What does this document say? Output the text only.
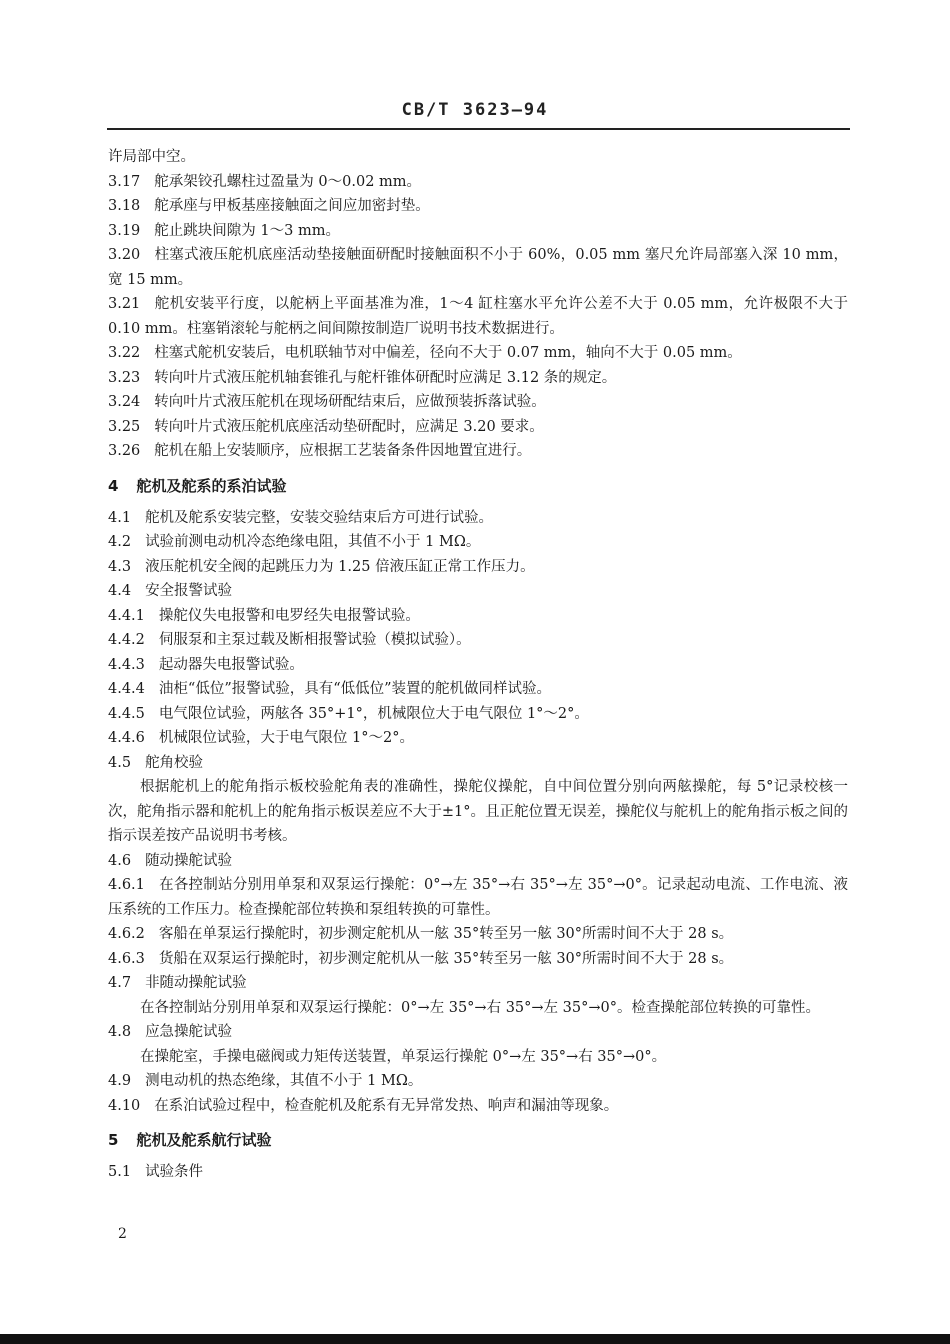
CB/T 3623—94
许局部中空。
3.17 舵承架铰孔螺柱过盈量为 0～0.02 mm。
3.18 舵承座与甲板基座接触面之间应加密封垫。
3.19 舵止跳块间隙为 1～3 mm。
3.20 柱塞式液压舵机底座活动垫接触面研配时接触面积不小于 60%，0.05 mm 塞尺允许局部塞入深 10 mm，宽 15 mm。
3.21 舵机安装平行度，以舵柄上平面基准为准，1～4 缸柱塞水平允许公差不大于 0.05 mm，允许极限不大于 0.10 mm。柱塞销滚轮与舵柄之间间隙按制造厂说明书技术数据进行。
3.22 柱塞式舵机安装后，电机联轴节对中偏差，径向不大于 0.07 mm，轴向不大于 0.05 mm。
3.23 转向叶片式液压舵机轴套锥孔与舵杆锥体研配时应满足 3.12 条的规定。
3.24 转向叶片式液压舵机在现场研配结束后，应做预装拆落试验。
3.25 转向叶片式液压舵机底座活动垫研配时，应满足 3.20 要求。
3.26 舵机在船上安装顺序，应根据工艺装备条件因地置宜进行。
4 舵机及舵系的系泊试验
4.1 舵机及舵系安装完整，安装交验结束后方可进行试验。
4.2 试验前测电动机冷态绝缘电阻，其值不小于 1 MΩ。
4.3 液压舵机安全阀的起跳压力为 1.25 倍液压缸正常工作压力。
4.4 安全报警试验
4.4.1 操舵仪失电报警和电罗经失电报警试验。
4.4.2 伺服泵和主泵过载及断相报警试验（模拟试验）。
4.4.3 起动器失电报警试验。
4.4.4 油柜“低位”报警试验，具有“低低位”装置的舵机做同样试验。
4.4.5 电气限位试验，两舷各 35°+1°，机械限位大于电气限位 1°～2°。
4.4.6 机械限位试验，大于电气限位 1°～2°。
4.5 舵角校验
根据舵机上的舵角指示板校验舵角表的准确性，操舵仪操舵，自中间位置分别向两舷操舵，每 5°记录校核一次，舵角指示器和舵机上的舵角指示板误差应不大于±1°。且正舵位置无误差，操舵仪与舵机上的舵角指示板之间的指示误差按产品说明书考核。
4.6 随动操舵试验
4.6.1 在各控制站分别用单泵和双泵运行操舵：0°→左 35°→右 35°→左 35°→0°。记录起动电流、工作电流、液压系统的工作压力。检查操舵部位转换和泵组转换的可靠性。
4.6.2 客船在单泵运行操舵时，初步测定舵机从一舷 35°转至另一舷 30°所需时间不大于 28 s。
4.6.3 货船在双泵运行操舵时，初步测定舵机从一舷 35°转至另一舷 30°所需时间不大于 28 s。
4.7 非随动操舵试验
在各控制站分别用单泵和双泵运行操舵：0°→左 35°→右 35°→左 35°→0°。检查操舵部位转换的可靠性。
4.8 应急操舵试验
在操舵室，手操电磁阀或力矩传送装置，单泵运行操舵 0°→左 35°→右 35°→0°。
4.9 测电动机的热态绝缘，其值不小于 1 MΩ。
4.10 在系泊试验过程中，检查舵机及舵系有无异常发热、响声和漏油等现象。
5 舵机及舵系航行试验
5.1 试验条件
2
